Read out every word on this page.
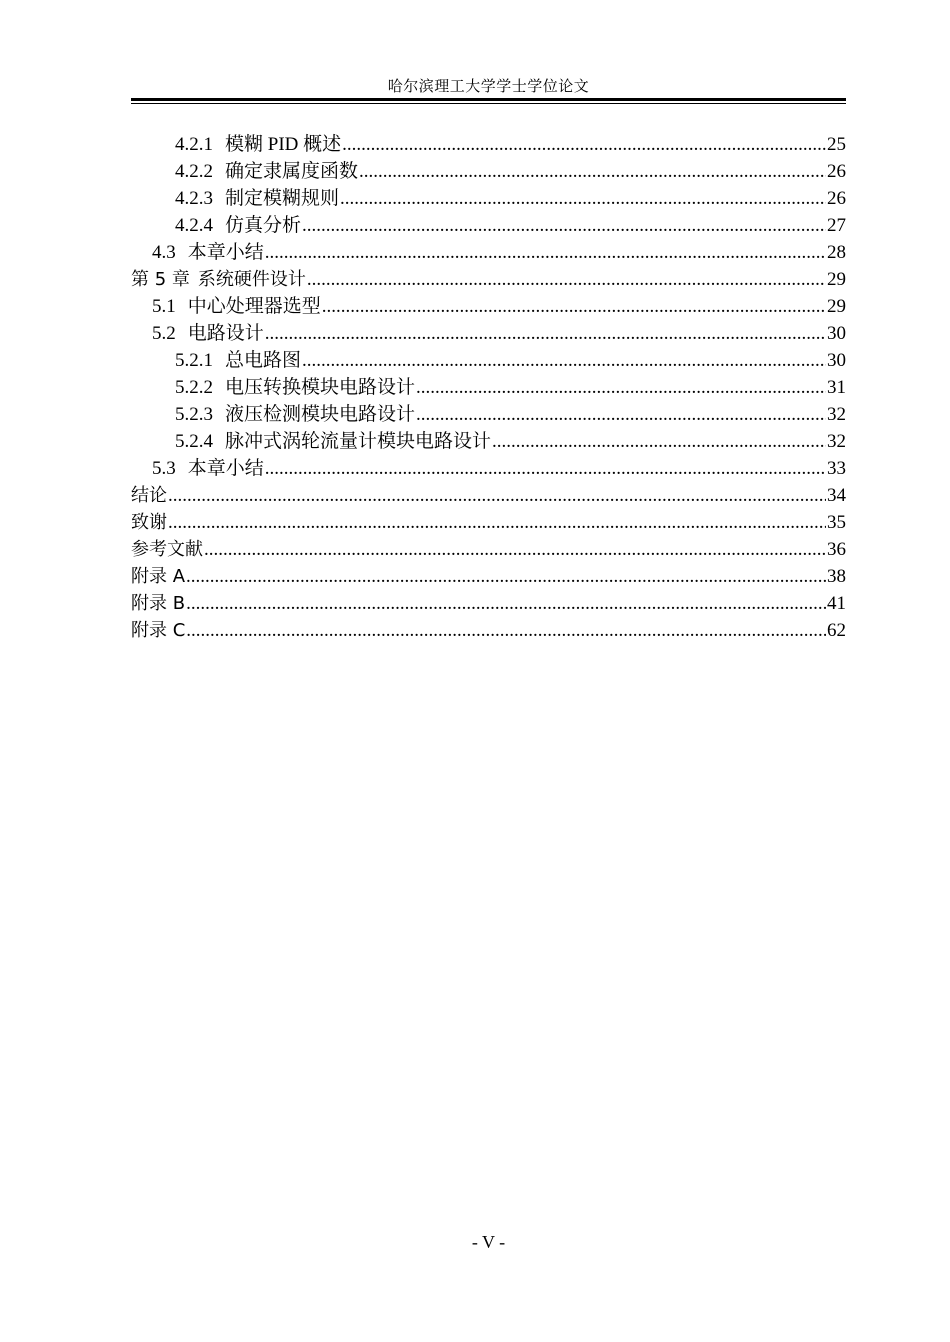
哈尔滨理工大学学士学位论文
4.2.1 模糊 PID 概述 .....	25
4.2.2 确定隶属度函数 .....	26
4.2.3 制定模糊规则 .....	26
4.2.4 仿真分析 .....	27
4.3 本章小结 .....	28
第 5 章 系统硬件设计 .....	29
5.1 中心处理器选型 .....	29
5.2 电路设计 .....	30
5.2.1 总电路图 .....	30
5.2.2 电压转换模块电路设计 .....	31
5.2.3 液压检测模块电路设计 .....	32
5.2.4 脉冲式涡轮流量计模块电路设计 .....	32
5.3 本章小结 .....	33
结论 .....	34
致谢 .....	35
参考文献 .....	36
附录 A .....	38
附录 B .....	41
附录 C .....	62
- V -
